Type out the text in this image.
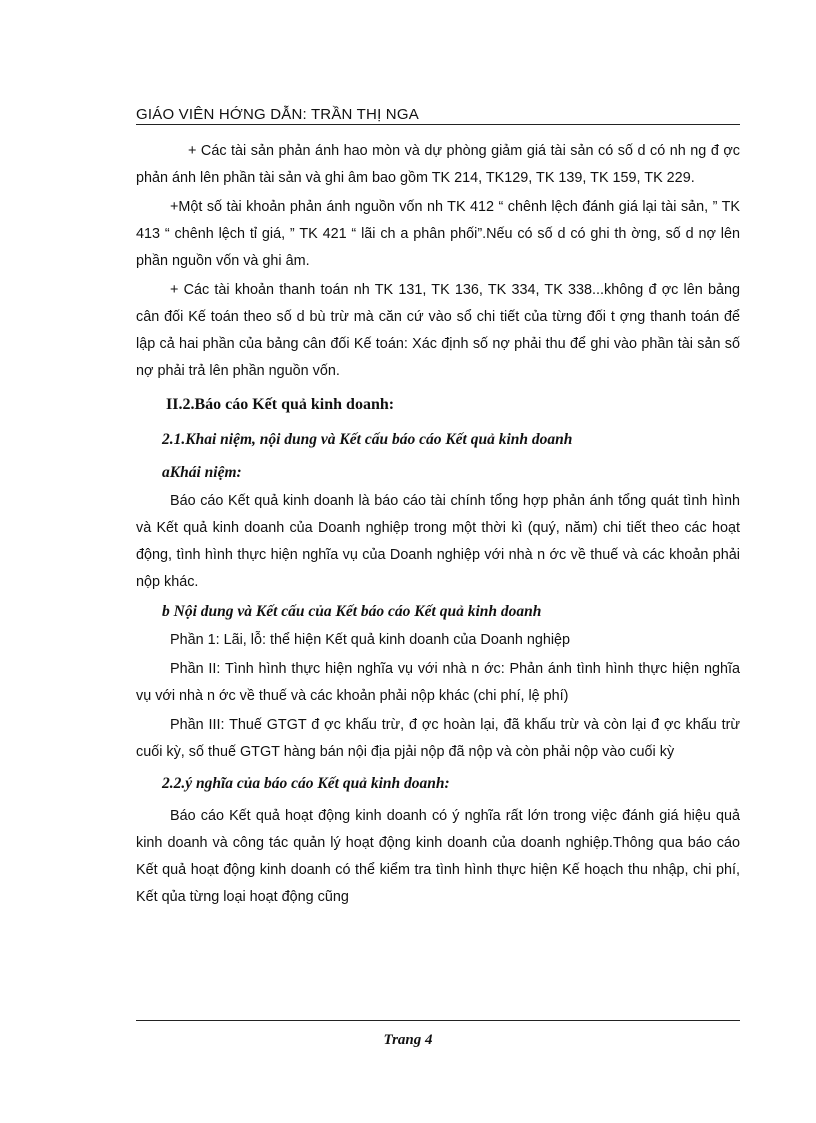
GIÁO VIÊN HỚNG DẪN: TRẦN THỊ NGA

+ Các tài sản phản ánh hao mòn và dự phòng giảm giá tài sản có số d có nh ng đ ợc phản ánh lên phần tài sản và ghi âm bao gồm TK 214, TK129, TK 139, TK 159, TK 229.

+Một số tài khoản phản ánh nguồn vốn nh TK 412 “ chênh lệch đánh giá lại tài sản, ” TK 413 “ chênh lệch tỉ giá, ” TK 421 “ lãi ch a phân phối”.Nếu có số d có ghi th ờng, số d nợ lên phần nguồn vốn và ghi âm.

+ Các tài khoản thanh toán nh TK 131, TK 136, TK 334, TK 338...không đ ợc lên bảng cân đối Kế toán theo số d bù trừ mà căn cứ vào sổ chi tiết của từng đối t ợng thanh toán để lập cả hai phần của bảng cân đối Kế toán: Xác định số nợ phải thu để ghi vào phần tài sản số nợ phải trả lên phần nguồn vốn.

II.2.Báo cáo Kết quả kinh doanh:
2.1.Khai niệm, nội dung và Kết cấu báo cáo Kết quả kinh doanh
aKhái niệm:

Báo cáo Kết quả kinh doanh là báo cáo tài chính tổng hợp phản ánh tổng quát tình hình và Kết quả kinh doanh của Doanh nghiệp trong một thời kì (quý, năm) chi tiết theo các hoạt động, tình hình thực hiện nghĩa vụ của Doanh nghiệp với nhà n ớc về thuế và các khoản phải nộp khác.

b Nội dung và Kết cấu của Kết báo cáo Kết quả kinh doanh

Phần 1: Lãi, lỗ: thể hiện Kết quả kinh doanh của Doanh nghiệp

Phần II: Tình hình thực hiện nghĩa vụ với nhà n ớc: Phản ánh tình hình thực hiện nghĩa vụ với nhà n ớc về thuế và các khoản phải nộp khác (chi phí, lệ phí)

Phần III: Thuế GTGT đ ợc khấu trừ, đ ợc hoàn lại, đã khấu trừ và còn lại đ ợc khấu trừ cuối kỳ, số thuế GTGT hàng bán nội địa pjải nộp đã nộp và còn phải nộp vào cuối kỳ

2.2.ý nghĩa của báo cáo Kết quả kinh doanh:

Báo cáo Kết quả hoạt động kinh doanh có ý nghĩa rất lớn trong việc đánh giá hiệu quả kinh doanh và công tác quản lý hoạt động kinh doanh của doanh nghiệp.Thông qua báo cáo Kết quả hoạt động kinh doanh có thể kiểm tra tình hình thực hiện Kế hoạch thu nhập, chi phí, Kết qủa từng loại hoạt động cũng

Trang 4
